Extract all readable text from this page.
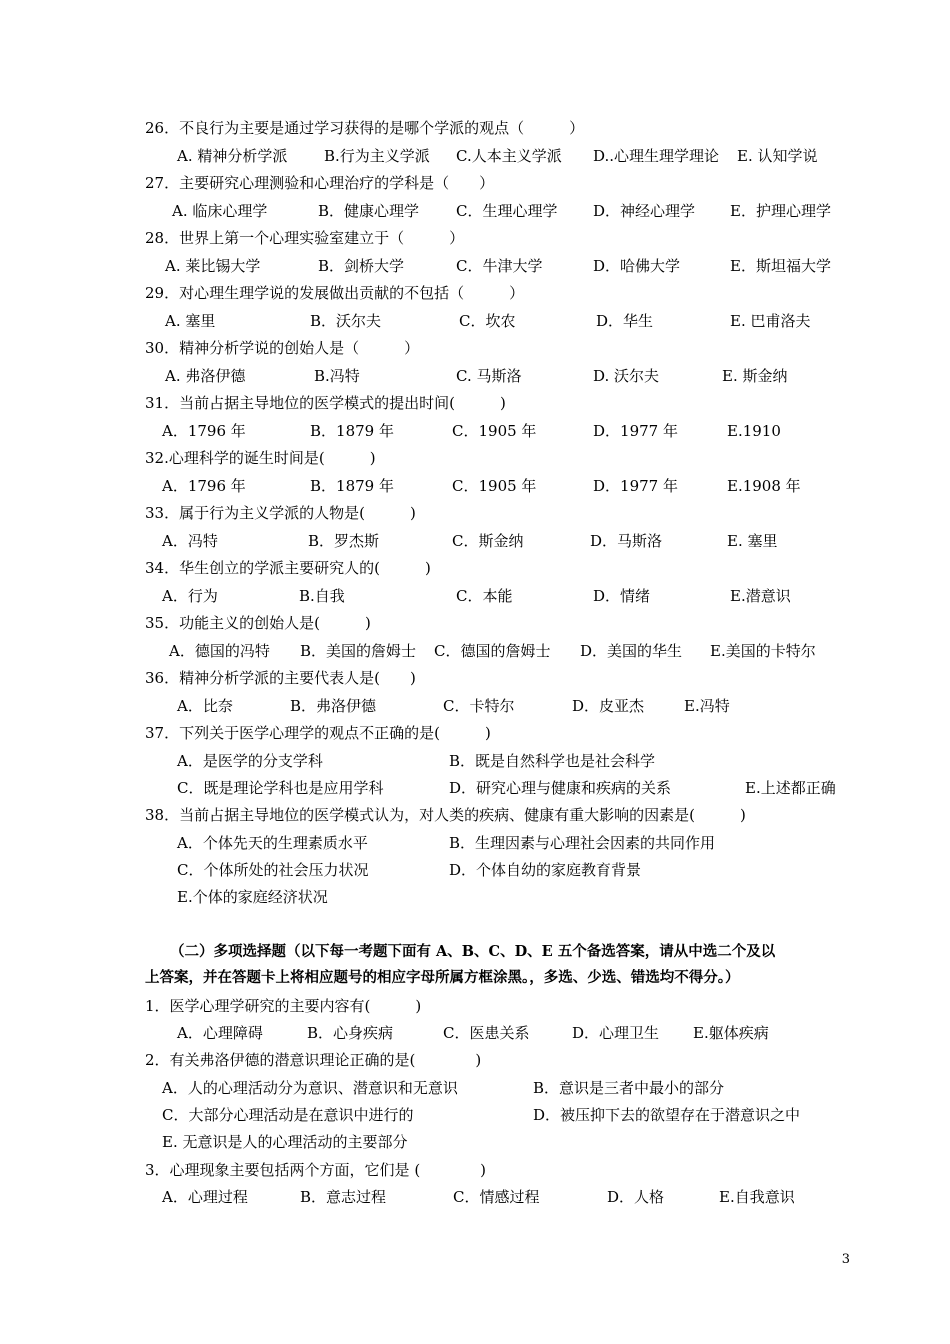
26．不良行为主要是通过学习获得的是哪个学派的观点（　　　）
A. 精神分析学派 B.行为主义学派 C.人本主义学派 D..心理生理学理论 E. 认知学说
27．主要研究心理测验和心理治疗的学科是（　　）
A. 临床心理学	B．健康心理学 C．生理心理学 D．神经心理学 E．护理心理学
28．世界上第一个心理实验室建立于（　　　）
A. 莱比锡大学	B．剑桥大学	C．牛津大学	D．哈佛大学	E．斯坦福大学
29．对心理生理学说的发展做出贡献的不包括（　　　）
A. 塞里	B．沃尔夫	C．坎农	D．华生	E. 巴甫洛夫
30．精神分析学说的创始人是（　　　）
A. 弗洛伊德	B.冯特	C. 马斯洛	D. 沃尔夫	E. 斯金纳
31．当前占据主导地位的医学模式的提出时间(　　　)
A．1796 年	B．1879 年	C．1905 年	D．1977 年	E.1910
32.心理科学的诞生时间是(　　　)
A．1796 年	B．1879 年	C．1905 年	D．1977 年	E.1908 年
33．属于行为主义学派的人物是(　　　)
A．冯特	B．罗杰斯	C．斯金纳	D．马斯洛	E. 塞里
34．华生创立的学派主要研究人的(　　　)
A．行为	B.自我	C．本能	D．情绪	E.潜意识
35．功能主义的创始人是(　　　)
A．德国的冯特 B．美国的詹姆士 C．德国的詹姆士 D．美国的华生 E.美国的卡特尔
36．精神分析学派的主要代表人是(　　)
A．比奈	B．弗洛伊德	C．卡特尔	D．皮亚杰	E.冯特
37．下列关于医学心理学的观点不正确的是(　　　)
A．是医学的分支学科	B．既是自然科学也是社会科学
C．既是理论学科也是应用学科	D．研究心理与健康和疾病的关系	E.上述都正确
38．当前占据主导地位的医学模式认为，对人类的疾病、健康有重大影响的因素是(　　　)
A．个体先天的生理素质水平	B．生理因素与心理社会因素的共同作用
C．个体所处的社会压力状况	D．个体自幼的家庭教育背景
E.个体的家庭经济状况
（二）多项选择题（以下每一考题下面有 A、B、C、D、E 五个备选答案，请从中选二个及以
上答案，并在答题卡上将相应题号的相应字母所属方框涂黑。，多选、少选、错选均不得分。）
1．医学心理学研究的主要内容有(　　　)
A．心理障碍	B．心身疾病	C．医患关系	D．心理卫生 E.躯体疾病
2．有关弗洛伊德的潜意识理论正确的是(　　　　)
A．人的心理活动分为意识、潜意识和无意识	B．意识是三者中最小的部分
C．大部分心理活动是在意识中进行的	D．被压抑下去的欲望存在于潜意识之中
E. 无意识是人的心理活动的主要部分
3．心理现象主要包括两个方面，它们是 (　　　　)
A．心理过程	B．意志过程	C．情感过程	D．人格	E.自我意识
3
